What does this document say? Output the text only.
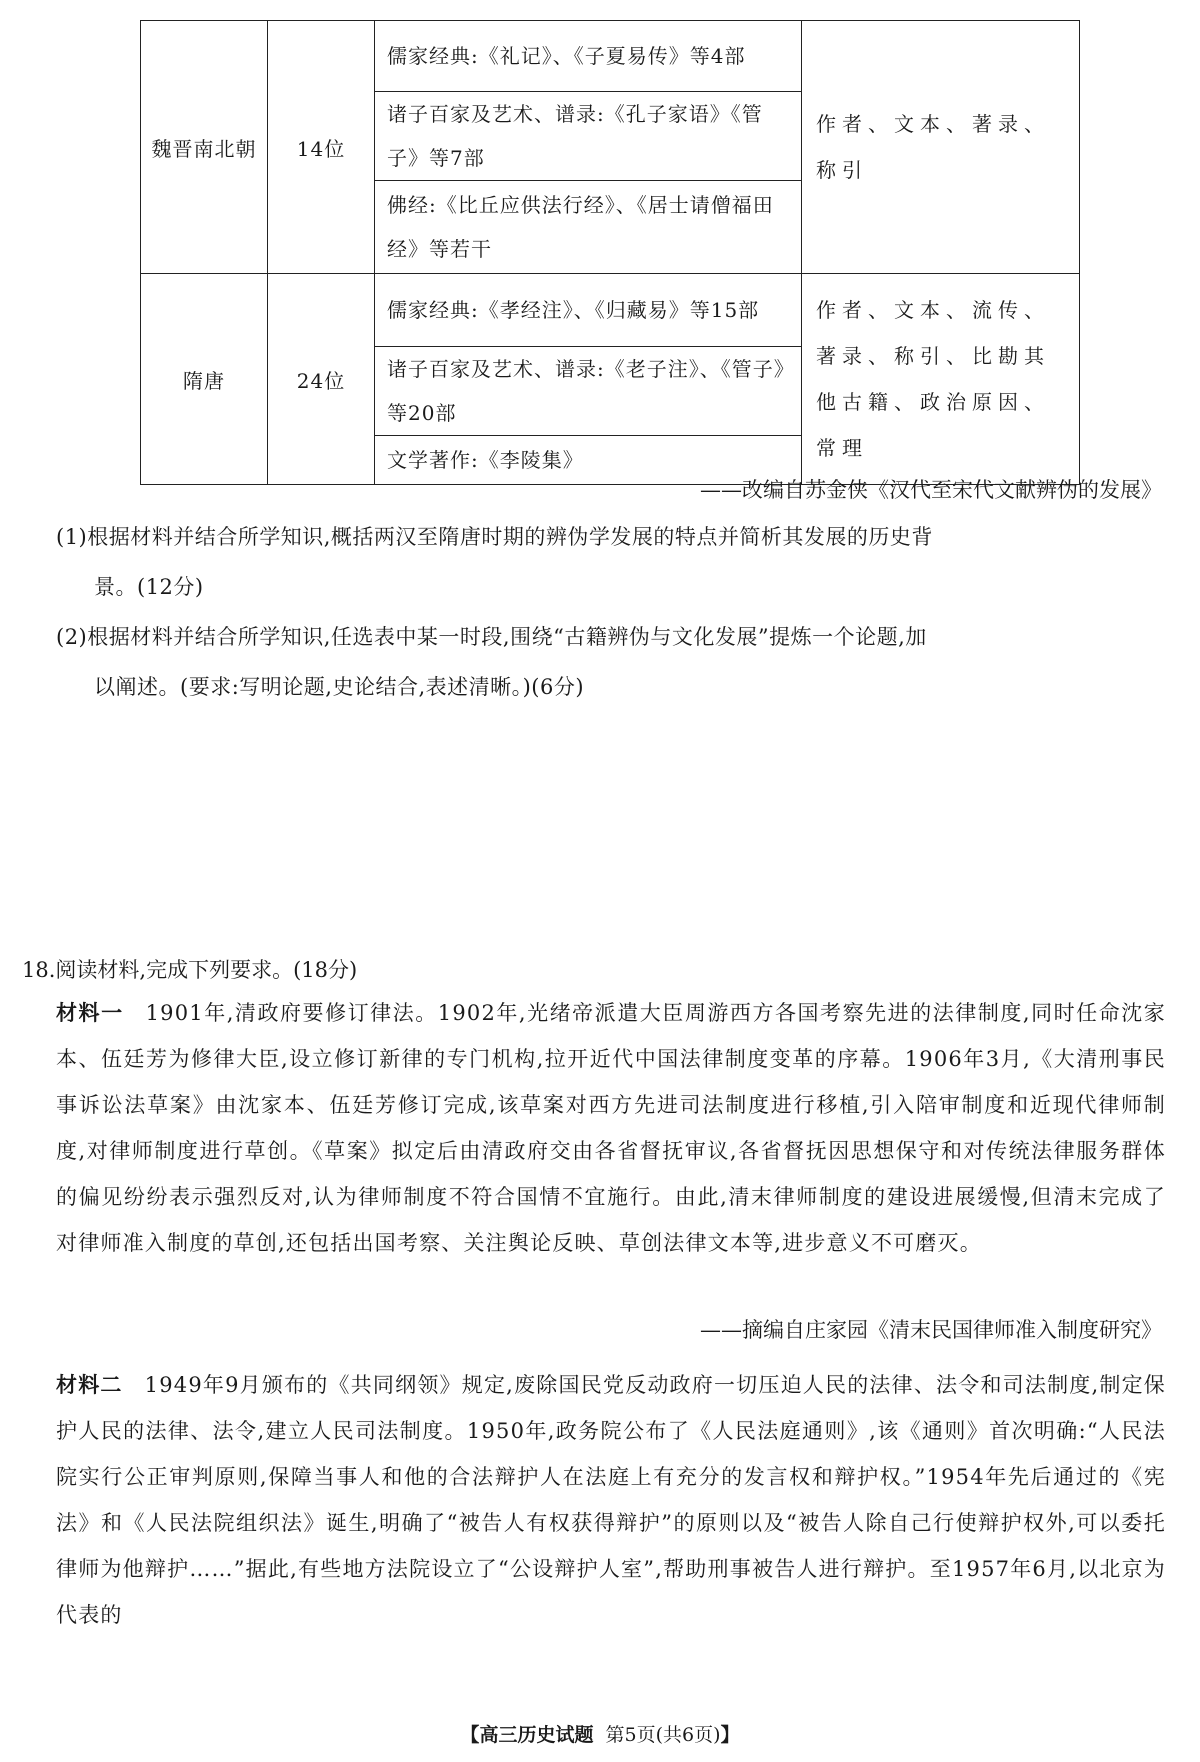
魏晋南北朝	14位	儒家经典:《礼记》、《子夏易传》等4部	作者、文本、著录、称引
		诸子百家及艺术、谱录:《孔子家语》《管子》等7部	
		佛经:《比丘应供法行经》、《居士请僧福田经》等若干	
隋唐	24位	儒家经典:《孝经注》、《归藏易》等15部	作者、文本、流传、著录、称引、比勘其他古籍、政治原因、常理
		诸子百家及艺术、谱录:《老子注》、《管子》等20部	
		文学著作:《李陵集》	
——改编自苏金侠《汉代至宋代文献辨伪的发展》
(1)根据材料并结合所学知识,概括两汉至隋唐时期的辨伪学发展的特点并简析其发展的历史背
景。(12分)
(2)根据材料并结合所学知识,任选表中某一时段,围绕“古籍辨伪与文化发展”提炼一个论题,加
以阐述。(要求:写明论题,史论结合,表述清晰。)(6分)
18.阅读材料,完成下列要求。(18分)
材料一 1901年,清政府要修订律法。1902年,光绪帝派遣大臣周游西方各国考察先进的法律制度,同时任命沈家本、伍廷芳为修律大臣,设立修订新律的专门机构,拉开近代中国法律制度变革的序幕。1906年3月,《大清刑事民事诉讼法草案》由沈家本、伍廷芳修订完成,该草案对西方先进司法制度进行移植,引入陪审制度和近现代律师制度,对律师制度进行草创。《草案》拟定后由清政府交由各省督抚审议,各省督抚因思想保守和对传统法律服务群体的偏见纷纷表示强烈反对,认为律师制度不符合国情不宜施行。由此,清末律师制度的建设进展缓慢,但清末完成了对律师准入制度的草创,还包括出国考察、关注舆论反映、草创法律文本等,进步意义不可磨灭。
——摘编自庄家园《清末民国律师准入制度研究》
材料二 1949年9月颁布的《共同纲领》规定,废除国民党反动政府一切压迫人民的法律、法令和司法制度,制定保护人民的法律、法令,建立人民司法制度。1950年,政务院公布了《人民法庭通则》,该《通则》首次明确:“人民法院实行公正审判原则,保障当事人和他的合法辩护人在法庭上有充分的发言权和辩护权。”1954年先后通过的《宪法》和《人民法院组织法》诞生,明确了“被告人有权获得辩护”的原则以及“被告人除自己行使辩护权外,可以委托律师为他辩护……”据此,有些地方法院设立了“公设辩护人室”,帮助刑事被告人进行辩护。至1957年6月,以北京为代表的
【高三历史试题 第5页(共6页)】
